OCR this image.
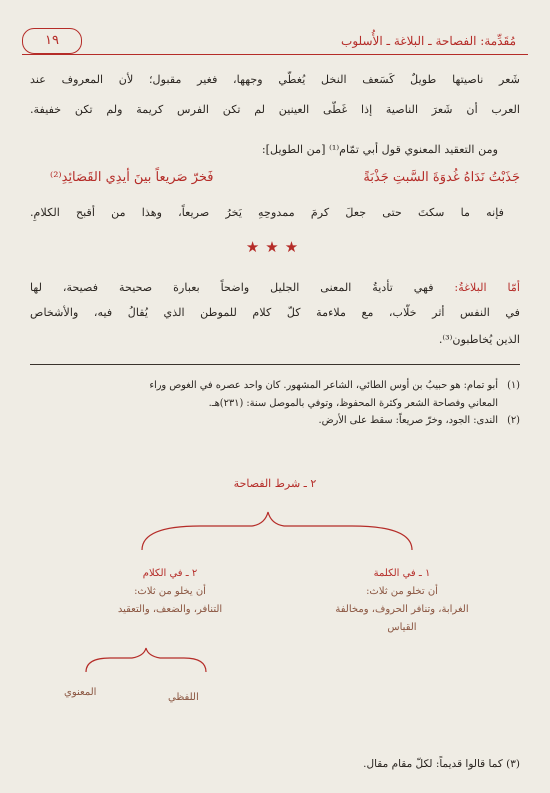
مُقَدِّمة: الفصاحة ـ البلاغة ـ الأُسلوب
١٩
شَعر ناصيتها طويلٌ كَسَعف النخل يُغطّي وجهها، فغير مقبول؛ لأن المعروف عند
العرب أن شَعرَ الناصية إذا غَطّى العينين لم تكن الفرس كريمة ولم تكن خفيفة.
ومن التعقيد المعنوي قول أبي تمّام⁽¹⁾ [من الطويل]:
جَذَبْتُ نَدَاهُ غُدوَةَ السَّبتِ جَذْبَةً
فَخرّ صَريعاً بينَ أيدِي القَصَائِدِ⁽²⁾
فإنه ما سكتَ حتى جعلَ كرمَ ممدوحِهِ يَخرُ صريعاً، وهذا من أقبح الكلامِ.
★★★
أمّا البلاغةُ: فهي تأديةُ المعنى الجليل واضحاً بعبارة صحيحة فصيحة، لها
في النفس أثر خلّاب، مع ملاءمة كلّ كلام للموطن الذي يُقالُ فيه، والأشخاص
الذين يُخاطبون⁽³⁾.
(١)أبو تمام: هو حبيبُ بن أوس الطائي، الشاعر المشهور. كان واحد عصره في الغوص وراء
المعاني وفصاحة الشعر وكثرة المحفوظ، وتوفي بالموصل سنة: (٢٣١)هـ.
(٢)الندى: الجود، وخرّ صريعاً: سقط على الأرض.
٢ ـ شرط الفصاحة
١ ـ في الكلمة
أن تخلو من ثلاث:
الغرابة، وتنافر الحروف، ومخالفة
القياس
٢ ـ في الكلام
أن يخلو من ثلاث:
التنافر، والضعف، والتعقيد
اللفظي
المعنوي
(٣) كما قالوا قديماً: لكلّ مقام مقال.
